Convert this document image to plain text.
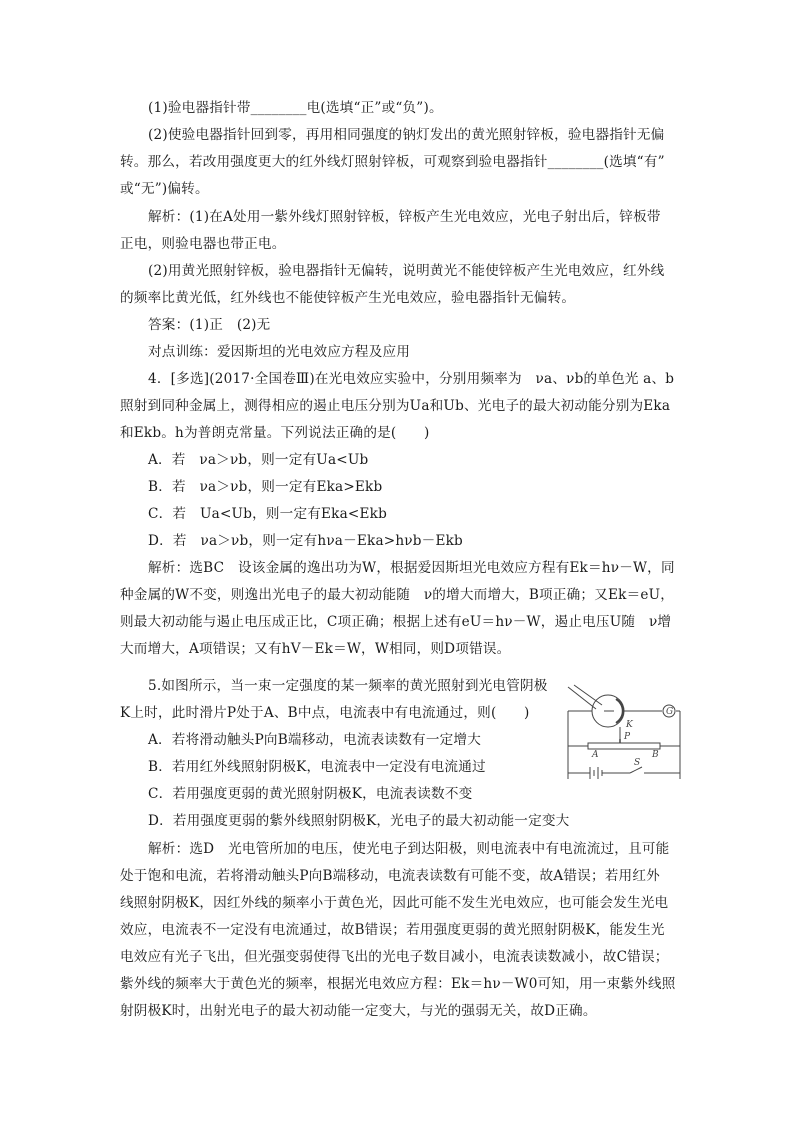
(1)验电器指针带________电(选填“正”或“负”)。
(2)使验电器指针回到零，再用相同强度的钠灯发出的黄光照射锌板，验电器指针无偏
转。那么，若改用强度更大的红外线灯照射锌板，可观察到验电器指针________(选填“有”
或“无”)偏转。
解析：(1)在A处用一紫外线灯照射锌板，锌板产生光电效应，光电子射出后，锌板带
正电，则验电器也带正电。
(2)用黄光照射锌板，验电器指针无偏转，说明黄光不能使锌板产生光电效应，红外线
的频率比黄光低，红外线也不能使锌板产生光电效应，验电器指针无偏转。
答案：(1)正　(2)无
对点训练：爱因斯坦的光电效应方程及应用
4．[多选](2017·全国卷Ⅲ)在光电效应实验中，分别用频率为　νa、νb的单色光 a、b
照射到同种金属上，测得相应的遏止电压分别为Ua和Ub、光电子的最大初动能分别为Eka
和Ekb。h为普朗克常量。下列说法正确的是(　　)
A．若　νa＞νb，则一定有Ua<Ub
B．若　νa＞νb，则一定有Eka>Ekb
C．若　Ua<Ub，则一定有Eka<Ekb
D．若　νa＞νb，则一定有hνa－Eka>hνb－Ekb
解析：选BC　设该金属的逸出功为W，根据爱因斯坦光电效应方程有Ek＝hν－W，同
种金属的W不变，则逸出光电子的最大初动能随　ν的增大而增大，B项正确；又Ek＝eU，
则最大初动能与遏止电压成正比，C项正确；根据上述有eU＝hν－W，遏止电压U随　ν增
大而增大，A项错误；又有hV－Ek＝W，W相同，则D项错误。
5.如图所示，当一束一定强度的某一频率的黄光照射到光电管阴极
K上时，此时滑片P处于A、B中点，电流表中有电流通过，则(　　)
A．若将滑动触头P向B端移动，电流表读数有一定增大
B．若用红外线照射阴极K，电流表中一定没有电流通过
C．若用强度更弱的黄光照射阴极K，电流表读数不变
D．若用强度更弱的紫外线照射阴极K，光电子的最大初动能一定变大
解析：选D　光电管所加的电压，使光电子到达阳极，则电流表中有电流流过，且可能
处于饱和电流，若将滑动触头P向B端移动，电流表读数有可能不变，故A错误；若用红外
线照射阴极K，因红外线的频率小于黄色光，因此可能不发生光电效应，也可能会发生光电
效应，电流表不一定没有电流通过，故B错误；若用强度更弱的黄光照射阴极K，能发生光
电效应有光子飞出，但光强变弱使得飞出的光电子数目减小，电流表读数减小，故C错误；
紫外线的频率大于黄色光的频率，根据光电效应方程：Ek＝hν－W0可知，用一束紫外线照
射阴极K时，出射光电子的最大初动能一定变大，与光的强弱无关，故D正确。
K
G
P
A	B
S
